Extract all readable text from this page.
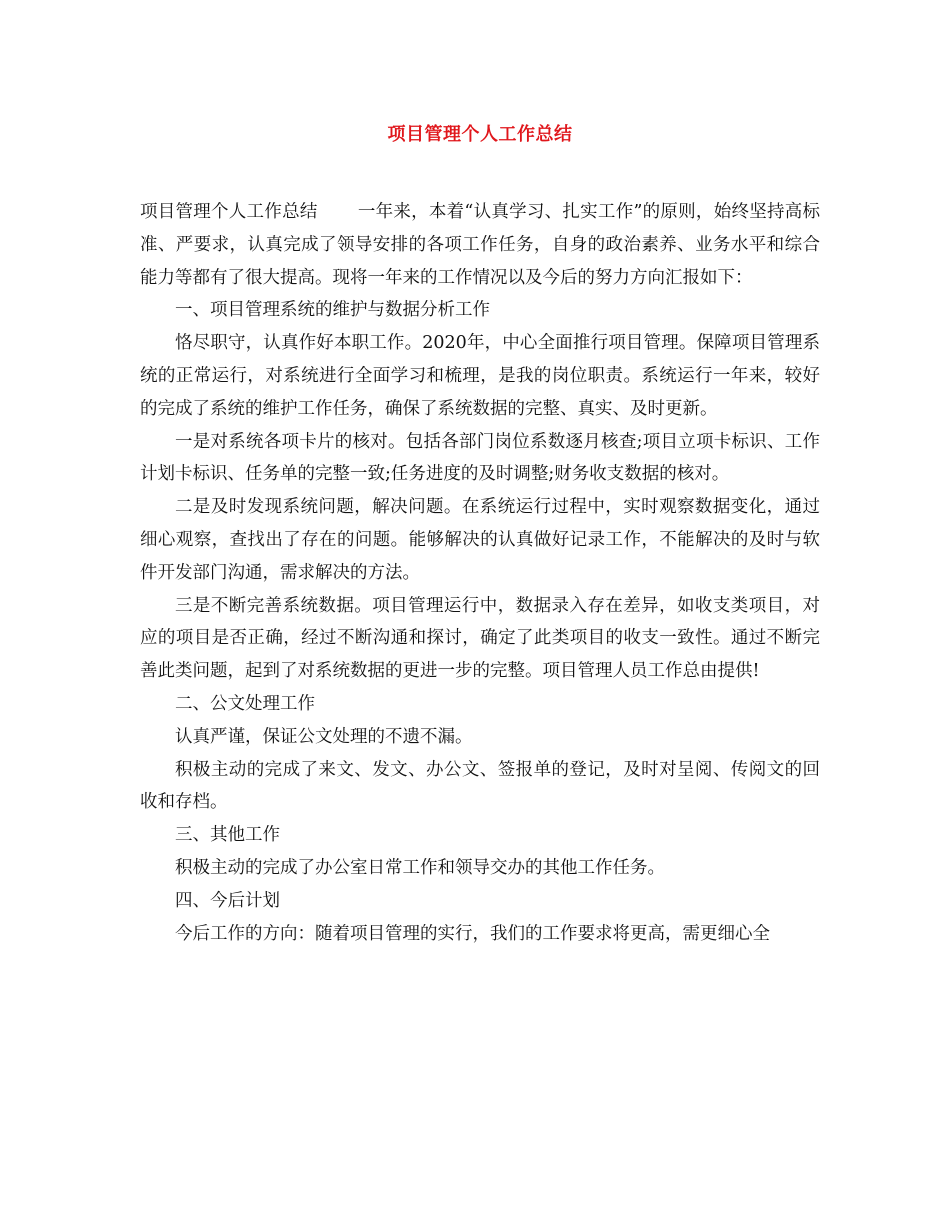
项目管理个人工作总结

项目管理个人工作总结 一年来，本着“认真学习、扎实工作”的原则，始终坚持高标准、严要求，认真完成了领导安排的各项工作任务，自身的政治素养、业务水平和综合能力等都有了很大提高。现将一年来的工作情况以及今后的努力方向汇报如下：

一、项目管理系统的维护与数据分析工作

恪尽职守，认真作好本职工作。2020年，中心全面推行项目管理。保障项目管理系统的正常运行，对系统进行全面学习和梳理，是我的岗位职责。系统运行一年来，较好的完成了系统的维护工作任务，确保了系统数据的完整、真实、及时更新。

一是对系统各项卡片的核对。包括各部门岗位系数逐月核查;项目立项卡标识、工作计划卡标识、任务单的完整一致;任务进度的及时调整;财务收支数据的核对。

二是及时发现系统问题，解决问题。在系统运行过程中，实时观察数据变化，通过细心观察，查找出了存在的问题。能够解决的认真做好记录工作，不能解决的及时与软件开发部门沟通，需求解决的方法。

三是不断完善系统数据。项目管理运行中，数据录入存在差异，如收支类项目，对应的项目是否正确，经过不断沟通和探讨，确定了此类项目的收支一致性。通过不断完善此类问题，起到了对系统数据的更进一步的完整。项目管理人员工作总由提供!

二、公文处理工作

认真严谨，保证公文处理的不遗不漏。

积极主动的完成了来文、发文、办公文、签报单的登记，及时对呈阅、传阅文的回收和存档。

三、其他工作

积极主动的完成了办公室日常工作和领导交办的其他工作任务。

四、今后计划

今后工作的方向：随着项目管理的实行，我们的工作要求将更高，需更细心全
